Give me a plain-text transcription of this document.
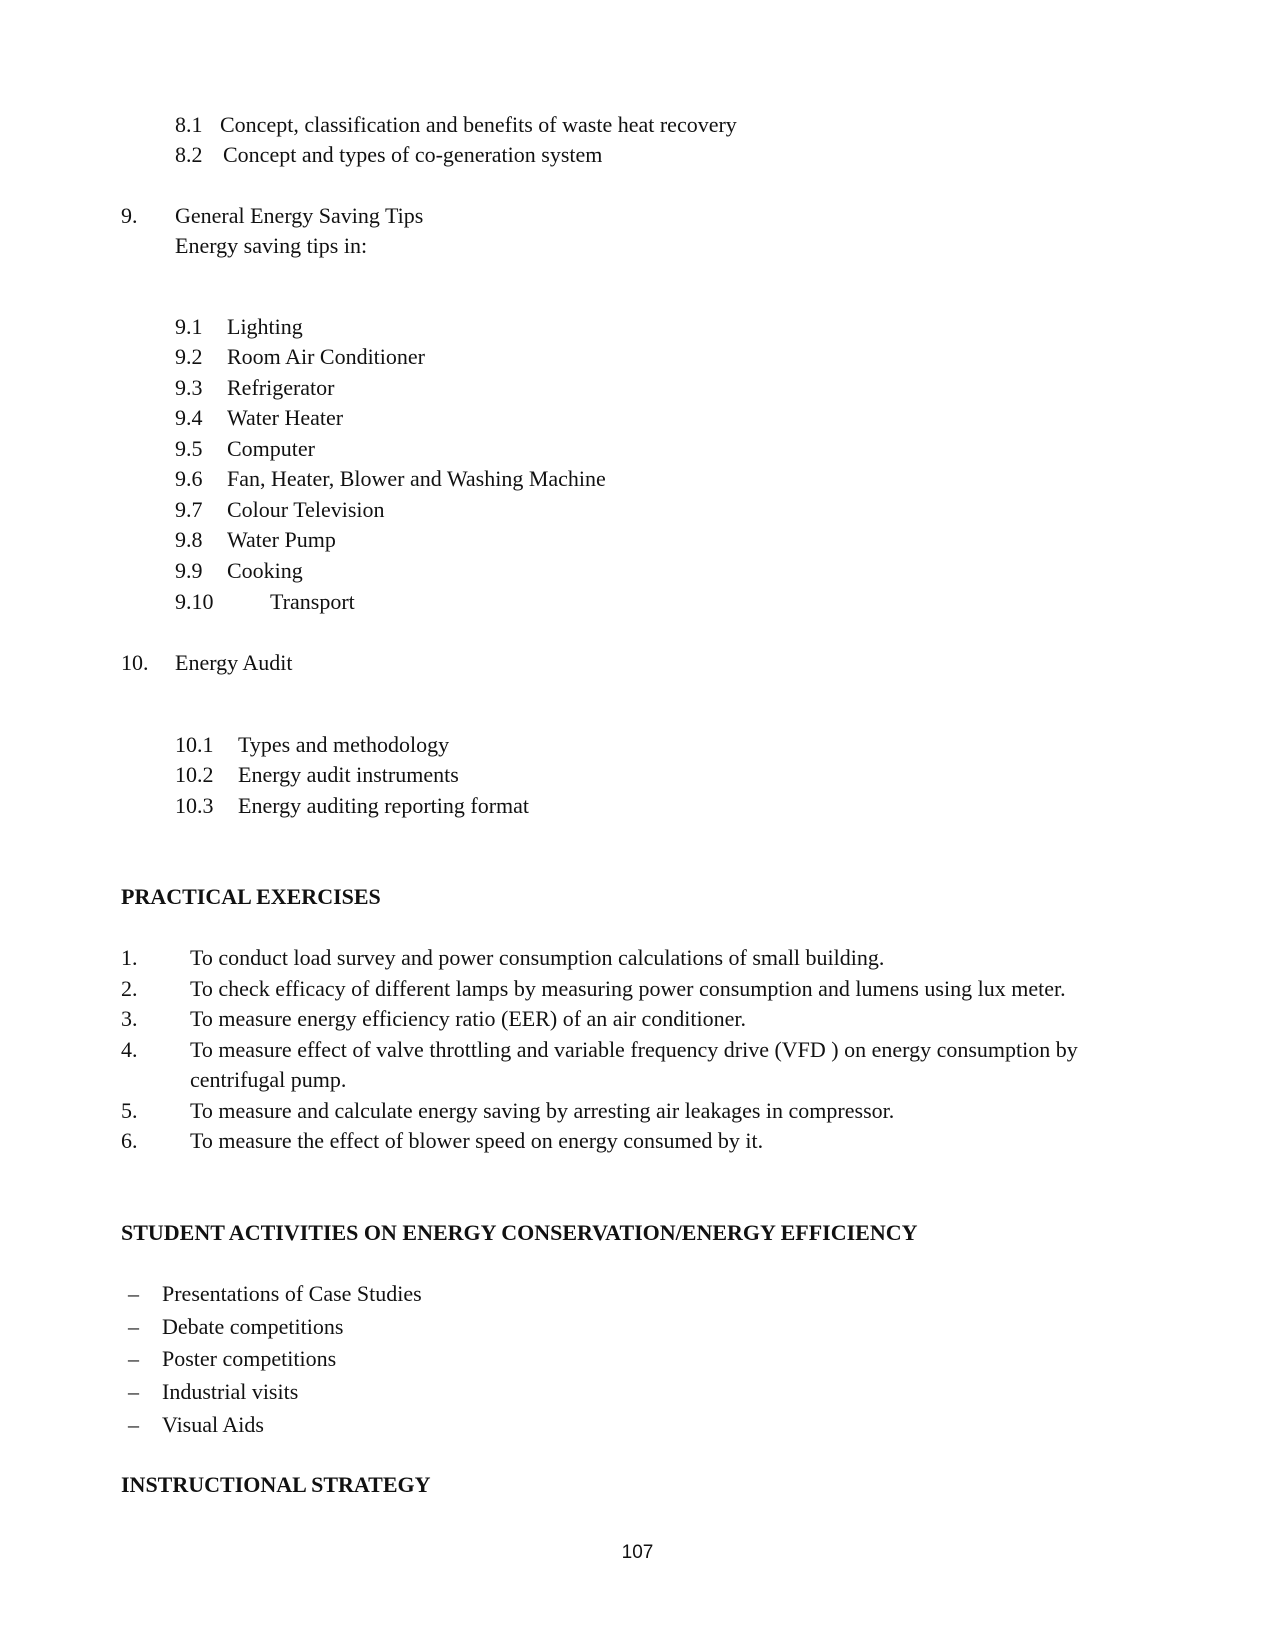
8.1 Concept, classification and benefits of waste heat recovery
8.2 Concept and types of co-generation system
9. General Energy Saving Tips
Energy saving tips in:
9.1 Lighting
9.2 Room Air Conditioner
9.3 Refrigerator
9.4 Water Heater
9.5 Computer
9.6 Fan, Heater, Blower and Washing Machine
9.7 Colour Television
9.8 Water Pump
9.9 Cooking
9.10	Transport
10. Energy Audit
10.1 Types and methodology
10.2 Energy audit instruments
10.3 Energy auditing reporting format
PRACTICAL EXERCISES
1. To conduct load survey and power consumption calculations of small building.
2. To check efficacy of different lamps by measuring power consumption and lumens using lux meter.
3. To measure energy efficiency ratio (EER) of an air conditioner.
4. To measure effect of valve throttling and variable frequency drive (VFD ) on energy consumption by
centrifugal pump.
5. To measure and calculate energy saving by arresting air leakages in compressor.
6. To measure the effect of blower speed on energy consumed by it.
STUDENT ACTIVITIES ON ENERGY CONSERVATION/ENERGY EFFICIENCY
– Presentations of Case Studies
– Debate competitions
– Poster competitions
– Industrial visits
– Visual Aids
INSTRUCTIONAL STRATEGY
107
